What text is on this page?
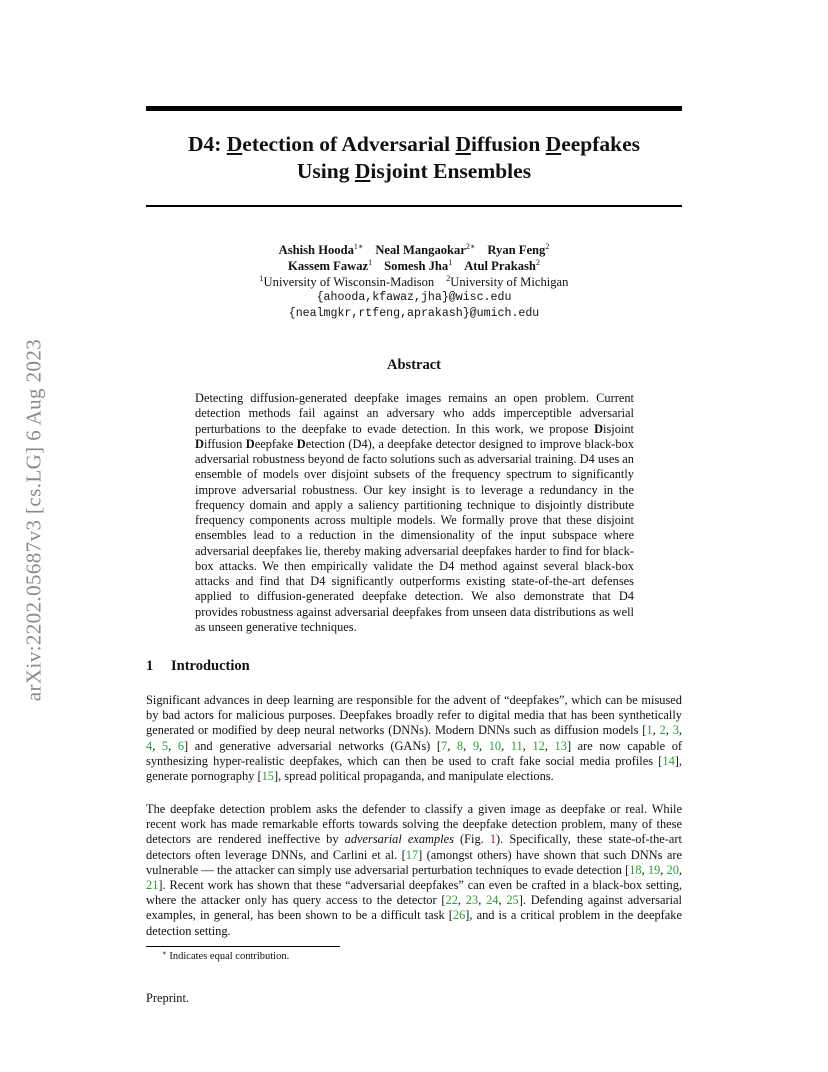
arXiv:2202.05687v3 [cs.LG] 6 Aug 2023
D4: Detection of Adversarial Diffusion Deepfakes
Using Disjoint Ensembles
Ashish Hooda$^{1∗}$ Neal Mangaokar$^{2∗}$ Ryan Feng$^2$
Kassem Fawaz$^1$ Somesh Jha$^1$ Atul Prakash$^2$
$^1$University of Wisconsin-Madison $^2$University of Michigan
{ahooda,kfawaz,jha}@wisc.edu
{nealmgkr,rtfeng,aprakash}@umich.edu
Abstract

Detecting diffusion-generated deepfake images remains an open problem. Current detection methods fail against an adversary who adds imperceptible adversarial perturbations to the deepfake to evade detection. In this work, we propose Disjoint Diffusion Deepfake Detection (D4), a deepfake detector designed to improve black-box adversarial robustness beyond de facto solutions such as adversarial training. D4 uses an ensemble of models over disjoint subsets of the frequency spectrum to significantly improve adversarial robustness. Our key insight is to leverage a redundancy in the frequency domain and apply a saliency partitioning technique to disjointly distribute frequency components across multiple models. We formally prove that these disjoint ensembles lead to a reduction in the dimensionality of the input subspace where adversarial deepfakes lie, thereby making adversarial deepfakes harder to find for black-box attacks. We then empirically validate the D4 method against several black-box attacks and find that D4 significantly outperforms existing state-of-the-art defenses applied to diffusion-generated deepfake detection. We also demonstrate that D4 provides robustness against adversarial deepfakes from unseen data distributions as well as unseen generative techniques.

1 Introduction

Significant advances in deep learning are responsible for the advent of “deepfakes”, which can be misused by bad actors for malicious purposes. Deepfakes broadly refer to digital media that has been synthetically generated or modified by deep neural networks (DNNs). Modern DNNs such as diffusion models [1, 2, 3, 4, 5, 6] and generative adversarial networks (GANs) [7, 8, 9, 10, 11, 12, 13] are now capable of synthesizing hyper-realistic deepfakes, which can then be used to craft fake social media profiles [14], generate pornography [15], spread political propaganda, and manipulate elections.

The deepfake detection problem asks the defender to classify a given image as deepfake or real. While recent work has made remarkable efforts towards solving the deepfake detection problem, many of these detectors are rendered ineffective by adversarial examples (Fig. 1). Specifically, these state-of-the-art detectors often leverage DNNs, and Carlini et al. [17] (amongst others) have shown that such DNNs are vulnerable — the attacker can simply use adversarial perturbation techniques to evade detection [18, 19, 20, 21]. Recent work has shown that these “adversarial deepfakes” can even be crafted in a black-box setting, where the attacker only has query access to the detector [22, 23, 24, 25]. Defending against adversarial examples, in general, has been shown to be a difficult task [26], and is a critical problem in the deepfake detection setting.

∗ Indicates equal contribution.
Preprint.
